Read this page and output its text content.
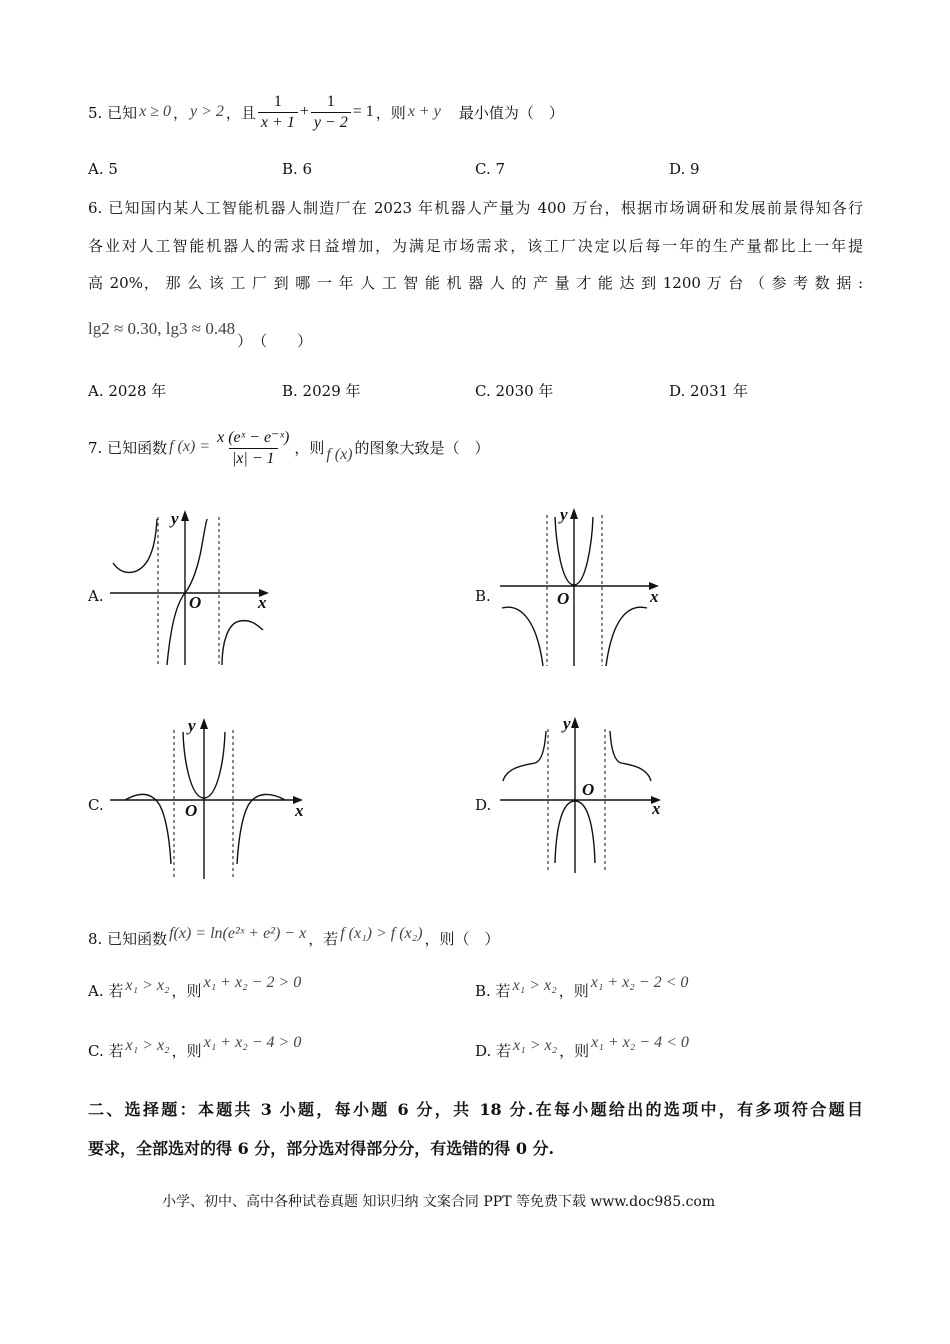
5. 已知 x ≥ 0 ， y > 2 ，且 $\frac{1}{x + 1} + \frac{1}{y - 2} = 1$ ，则 x + y 最小值为（　）
A. 5	B. 6	C. 7	D. 9
6. 已知国内某人工智能机器人制造厂在 2023 年机器人产量为 400 万台，根据市场调研和发展前景得知各行
各业对人工智能机器人的需求日益增加，为满足市场需求，该工厂决定以后每一年的生产量都比上一年提
高 20%， 那 么 该 工 厂 到 哪 一 年 人 工 智 能 机 器 人 的 产 量 才 能 达 到 1200 万 台 （ 参 考 数 据 :
lg2 ≈ 0.30, lg3 ≈ 0.48
）　（　　）
A. 2028 年	B. 2029 年	C. 2030 年	D. 2031 年
7. 已知函数 f $(x) = \frac{\text{x (eˣ − e⁻ˣ)}}{|x| - 1}$ ，则 f (x) 的图象大致是（　）
A.	B.
C.	D.
y
x
O
y
x
O
y
x
O
y
x
O
8. 已知函数 f(x) = ln(e²ˣ + e²) − x ，若 f (x₁) > f (x₂) ，则（　）
A. 若 x₁ > x₂ ，则 x₁ + x₂ − 2 > 0	B. 若 x₁ > x₂ ，则 x₁ + x₂ − 2 < 0
C. 若 x₁ > x₂ ，则 x₁ + x₂ − 4 > 0	D. 若 x₁ > x₂ ，则 x₁ + x₂ − 4 < 0
二、选择题：本题共 3 小题，每小题 6 分，共 18 分.在每小题给出的选项中，有多项符合题目
要求，全部选对的得 6 分，部分选对得部分分，有选错的得 0 分.
小学、初中、高中各种试卷真题 知识归纳 文案合同 PPT 等免费下载 www.doc985.com
